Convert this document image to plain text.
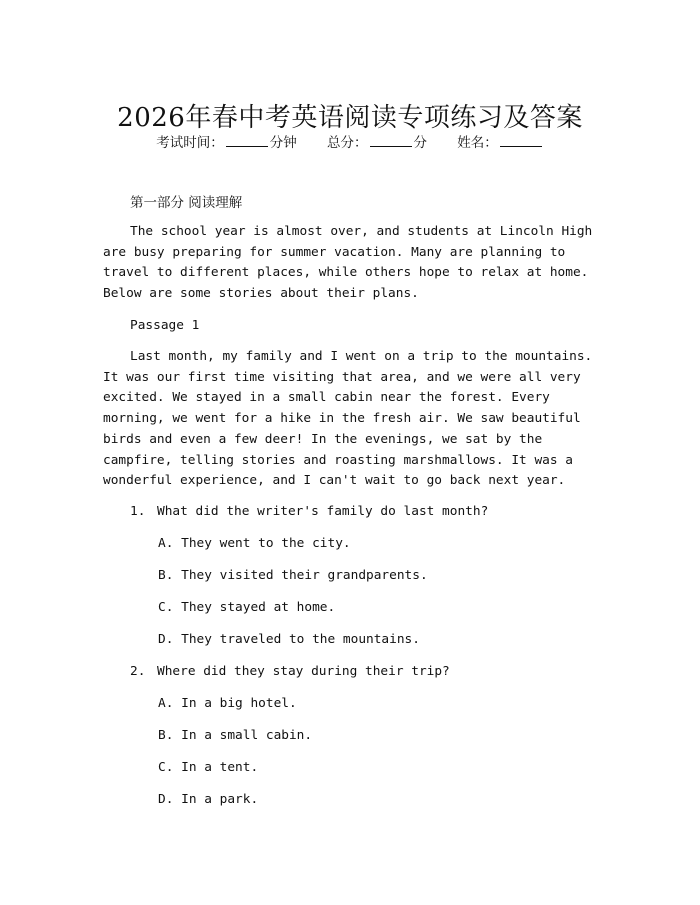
2026年春中考英语阅读专项练习及答案
考试时间：	分钟 总分：	分 姓名：
第一部分 阅读理解

The school year is almost over, and students at Lincoln High are busy preparing for summer vacation. Many are planning to travel to different places, while others hope to relax at home. Below are some stories about their plans.

Passage 1

Last month, my family and I went on a trip to the mountains. It was our first time visiting that area, and we were all very excited. We stayed in a small cabin near the forest. Every morning, we went for a hike in the fresh air. We saw beautiful birds and even a few deer! In the evenings, we sat by the campfire, telling stories and roasting marshmallows. It was a wonderful experience, and I can't wait to go back next year.

1. What did the writer's family do last month?
A. They went to the city.
B. They visited their grandparents.
C. They stayed at home.
D. They traveled to the mountains.
2. Where did they stay during their trip?
A. In a big hotel.
B. In a small cabin.
C. In a tent.
D. In a park.
